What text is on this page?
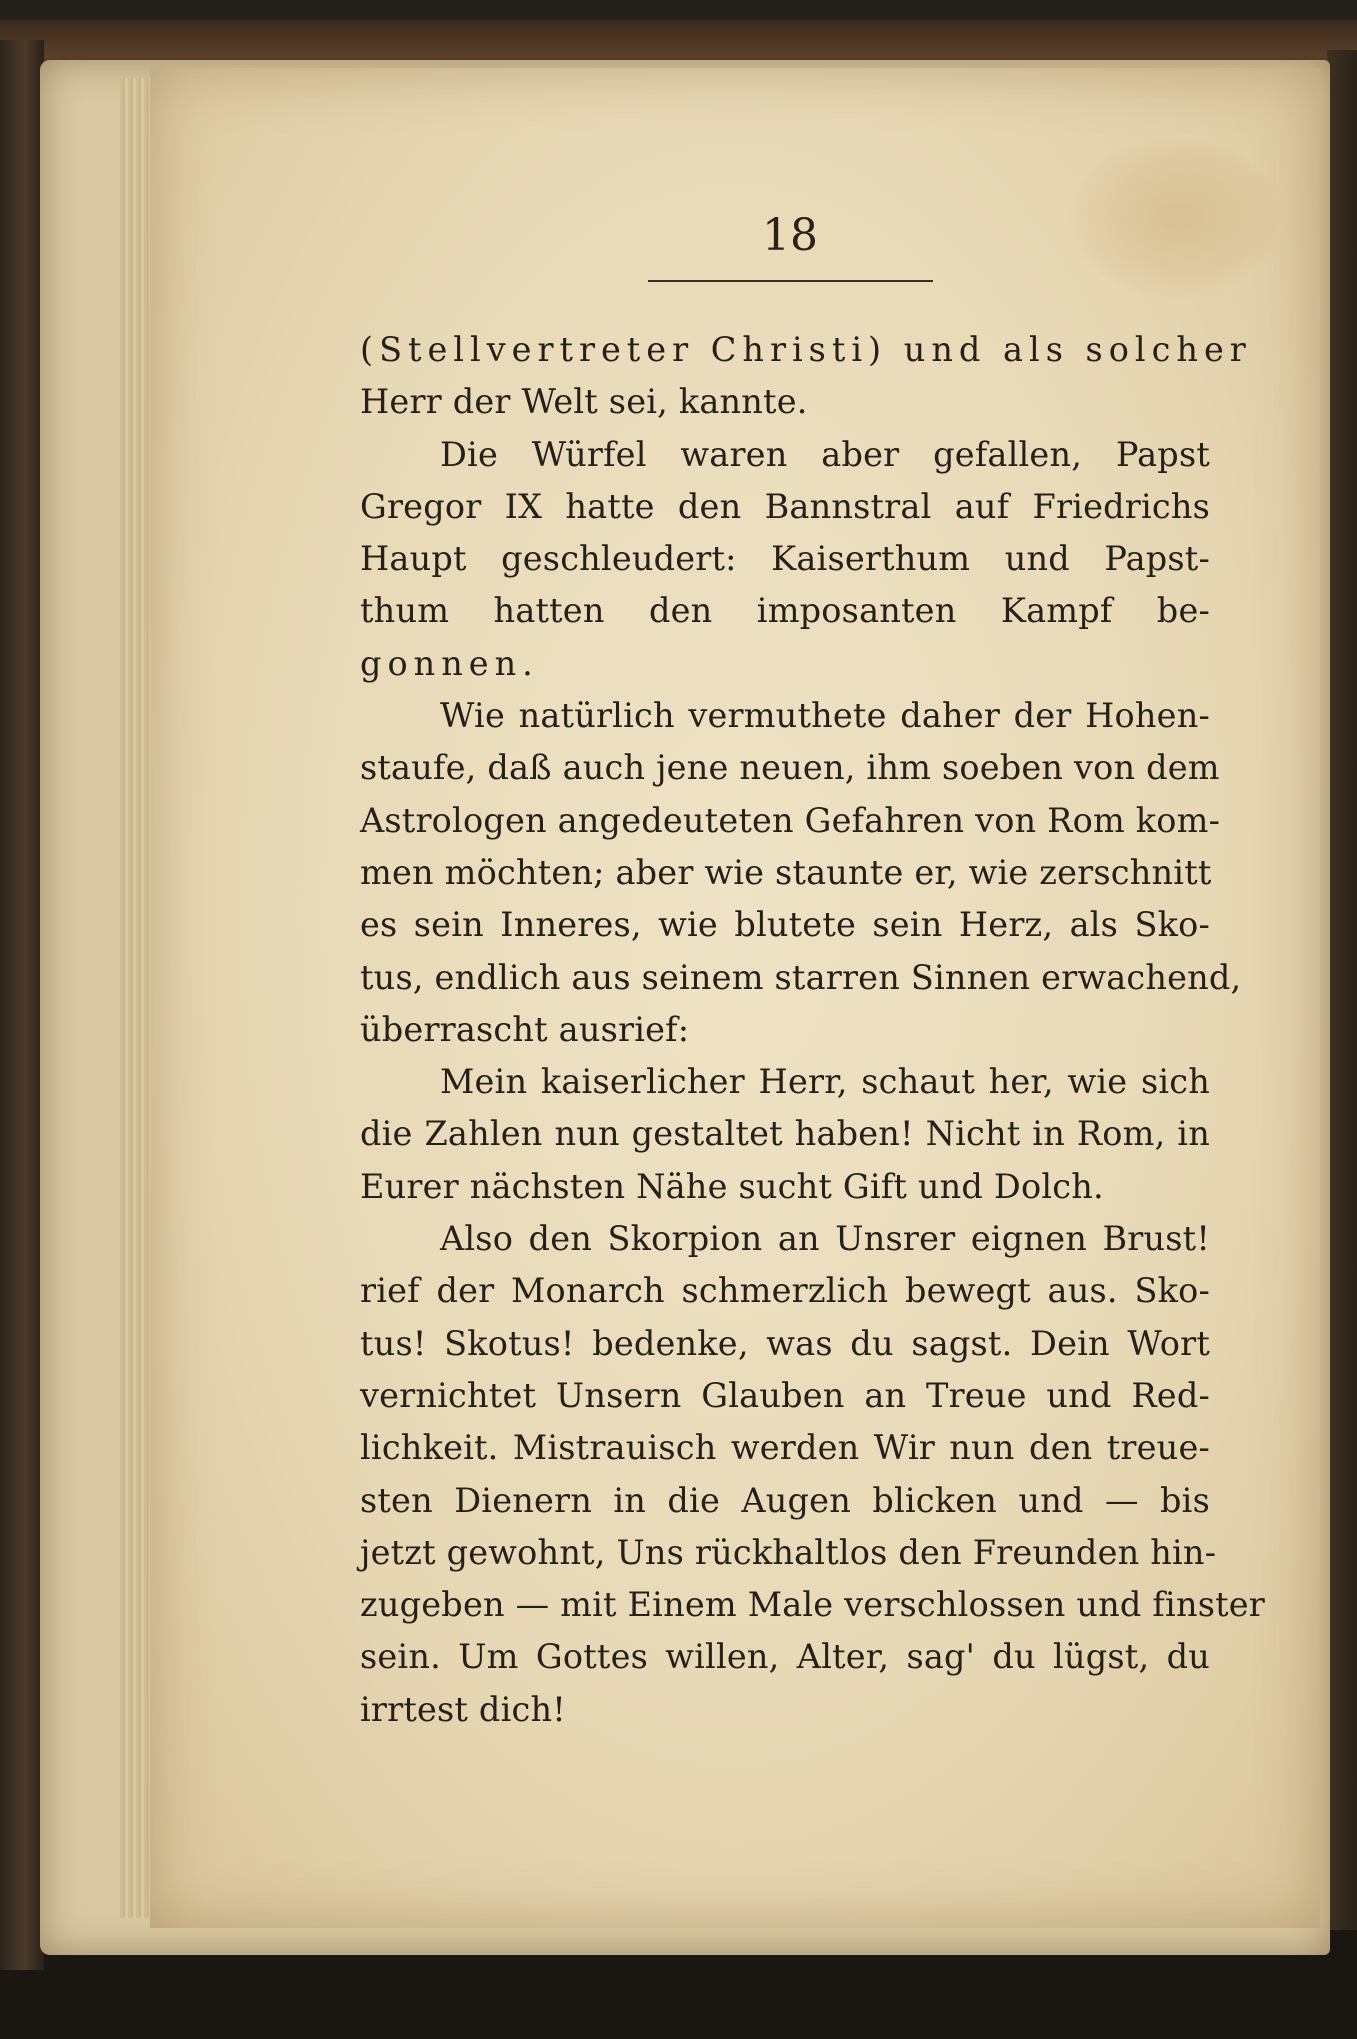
18
(Stellvertreter Christi) und als solcher
Herr der Welt sei, kannte.
Die Würfel waren aber gefallen, Papst
Gregor IX hatte den Bannstral auf Friedrichs
Haupt geschleudert: Kaiserthum und Papst-
thum hatten den imposanten Kampf be-
gonnen.
Wie natürlich vermuthete daher der Hohen-
staufe, daß auch jene neuen, ihm soeben von dem
Astrologen angedeuteten Gefahren von Rom kom-
men möchten; aber wie staunte er, wie zerschnitt
es sein Inneres, wie blutete sein Herz, als Sko-
tus, endlich aus seinem starren Sinnen erwachend,
überrascht ausrief:
Mein kaiserlicher Herr, schaut her, wie sich
die Zahlen nun gestaltet haben! Nicht in Rom, in
Eurer nächsten Nähe sucht Gift und Dolch.
Also den Skorpion an Unsrer eignen Brust!
rief der Monarch schmerzlich bewegt aus. Sko-
tus! Skotus! bedenke, was du sagst. Dein Wort
vernichtet Unsern Glauben an Treue und Red-
lichkeit. Mistrauisch werden Wir nun den treue-
sten Dienern in die Augen blicken und — bis
jetzt gewohnt, Uns rückhaltlos den Freunden hin-
zugeben — mit Einem Male verschlossen und finster
sein. Um Gottes willen, Alter, sag' du lügst, du
irrtest dich!
